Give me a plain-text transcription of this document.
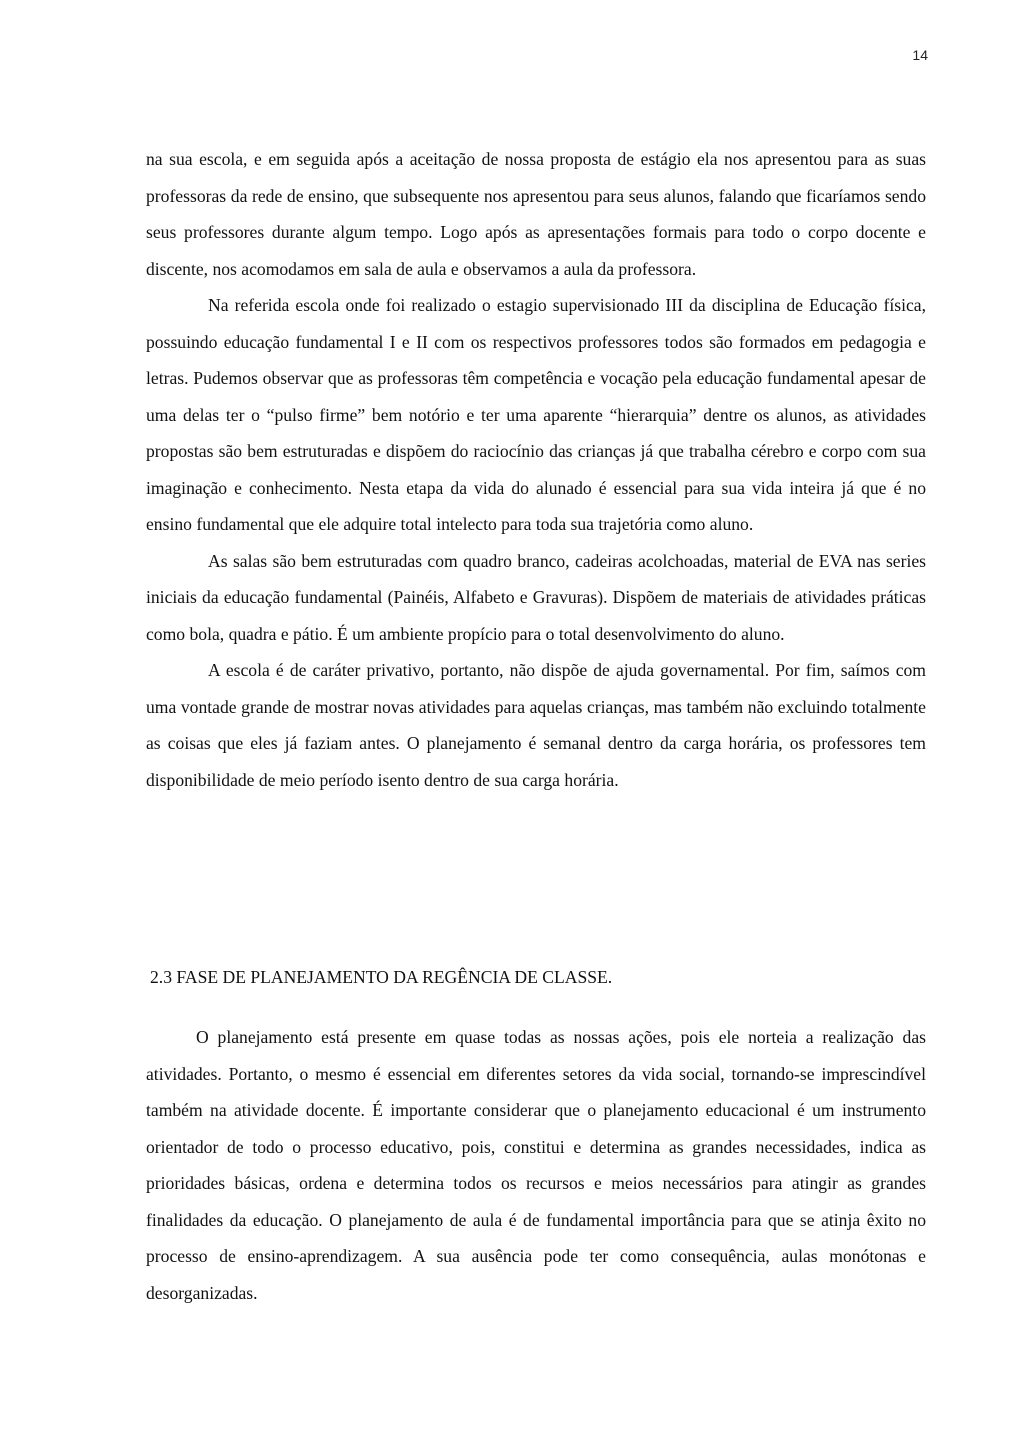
14

na sua escola, e em seguida após a aceitação de nossa proposta de estágio ela nos apresentou para as suas professoras da rede de ensino, que subsequente nos apresentou para seus alunos, falando que ficaríamos sendo seus professores durante algum tempo. Logo após as apresentações formais para todo o corpo docente e discente, nos acomodamos em sala de aula e observamos a aula da professora.

Na referida escola onde foi realizado o estagio supervisionado III da disciplina de Educação física, possuindo educação fundamental I e II com os respectivos professores todos são formados em pedagogia e letras. Pudemos observar que as professoras têm competência e vocação pela educação fundamental apesar de uma delas ter o “pulso firme” bem notório e ter uma aparente “hierarquia” dentre os alunos, as atividades propostas são bem estruturadas e dispõem do raciocínio das crianças já que trabalha cérebro e corpo com sua imaginação e conhecimento. Nesta etapa da vida do alunado é essencial para sua vida inteira já que é no ensino fundamental que ele adquire total intelecto para toda sua trajetória como aluno.

As salas são bem estruturadas com quadro branco, cadeiras acolchoadas, material de EVA nas series iniciais da educação fundamental (Painéis, Alfabeto e Gravuras). Dispõem de materiais de atividades práticas como bola, quadra e pátio. É um ambiente propício para o total desenvolvimento do aluno.

A escola é de caráter privativo, portanto, não dispõe de ajuda governamental. Por fim, saímos com uma vontade grande de mostrar novas atividades para aquelas crianças, mas também não excluindo totalmente as coisas que eles já faziam antes. O planejamento é semanal dentro da carga horária, os professores tem disponibilidade de meio período isento dentro de sua carga horária.

2.3 FASE DE PLANEJAMENTO DA REGÊNCIA DE CLASSE.

O planejamento está presente em quase todas as nossas ações, pois ele norteia a realização das atividades. Portanto, o mesmo é essencial em diferentes setores da vida social, tornando-se imprescindível também na atividade docente. É importante considerar que o planejamento educacional é um instrumento orientador de todo o processo educativo, pois, constitui e determina as grandes necessidades, indica as prioridades básicas, ordena e determina todos os recursos e meios necessários para atingir as grandes finalidades da educação. O planejamento de aula é de fundamental importância para que se atinja êxito no processo de ensino-aprendizagem. A sua ausência pode ter como consequência, aulas monótonas e desorganizadas.
